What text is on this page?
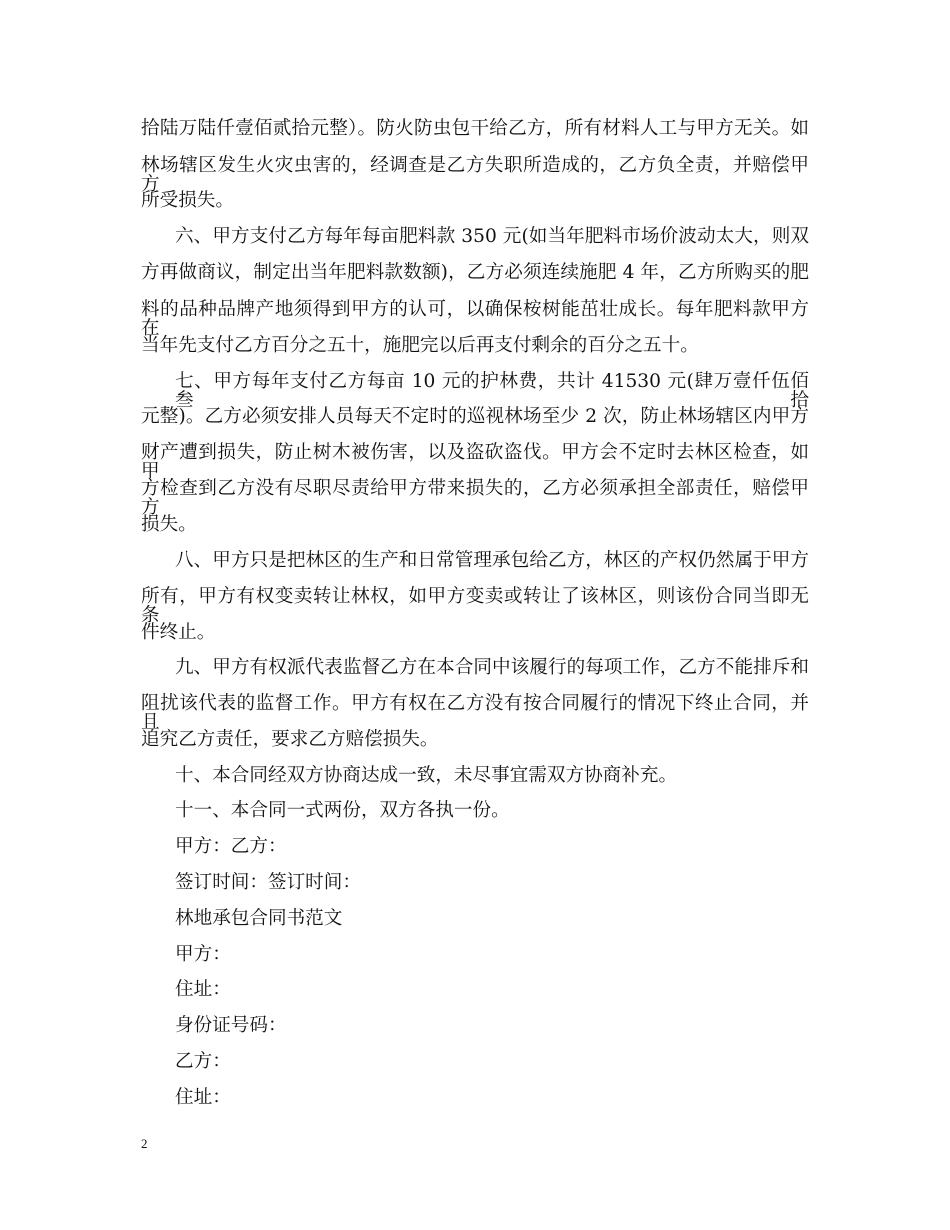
拾陆万陆仟壹佰贰拾元整）。防火防虫包干给乙方，所有材料人工与甲方无关。如
林场辖区发生火灾虫害的，经调查是乙方失职所造成的，乙方负全责，并赔偿甲方
所受损失。
六、甲方支付乙方每年每亩肥料款 350 元(如当年肥料市场价波动太大，则双
方再做商议，制定出当年肥料款数额)，乙方必须连续施肥 4 年，乙方所购买的肥
料的品种品牌产地须得到甲方的认可，以确保桉树能茁壮成长。每年肥料款甲方在
当年先支付乙方百分之五十，施肥完以后再支付剩余的百分之五十。
七、甲方每年支付乙方每亩 10 元的护林费，共计 41530 元(肆万壹仟伍佰叁拾
元整)。乙方必须安排人员每天不定时的巡视林场至少 2 次，防止林场辖区内甲方
财产遭到损失，防止树木被伤害，以及盗砍盗伐。甲方会不定时去林区检查，如甲
方检查到乙方没有尽职尽责给甲方带来损失的，乙方必须承担全部责任，赔偿甲方
损失。
八、甲方只是把林区的生产和日常管理承包给乙方，林区的产权仍然属于甲方
所有，甲方有权变卖转让林权，如甲方变卖或转让了该林区，则该份合同当即无条
件终止。
九、甲方有权派代表监督乙方在本合同中该履行的每项工作，乙方不能排斥和
阻扰该代表的监督工作。甲方有权在乙方没有按合同履行的情况下终止合同，并且
追究乙方责任，要求乙方赔偿损失。
十、本合同经双方协商达成一致，未尽事宜需双方协商补充。
十一、本合同一式两份，双方各执一份。
甲方：乙方：
签订时间：签订时间：
林地承包合同书范文
甲方：
住址：
身份证号码：
乙方：
住址：
2
